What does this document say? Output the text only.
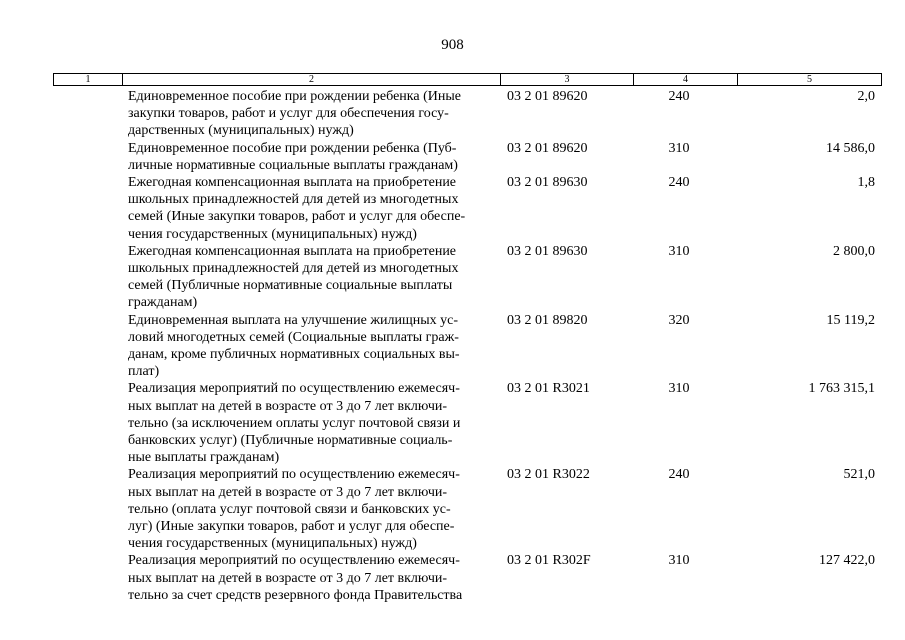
908
1	2	3	4	5
Единовременное пособие при рождении ребенка (Иные
закупки товаров, работ и услуг для обеспечения госу-
дарственных (муниципальных) нужд)
03 2 01 89620	240	2,0
Единовременное пособие при рождении ребенка (Пуб-
личные нормативные социальные выплаты гражданам)
03 2 01 89620	310	14 586,0
Ежегодная компенсационная выплата на приобретение
школьных принадлежностей для детей из многодетных
семей (Иные закупки товаров, работ и услуг для обеспе-
чения государственных (муниципальных) нужд)
03 2 01 89630	240	1,8
Ежегодная компенсационная выплата на приобретение
школьных принадлежностей для детей из многодетных
семей (Публичные нормативные социальные выплаты
гражданам)
03 2 01 89630	310	2 800,0
Единовременная выплата на улучшение жилищных ус-
ловий многодетных семей (Социальные выплаты граж-
данам, кроме публичных нормативных социальных вы-
плат)
03 2 01 89820	320	15 119,2
Реализация мероприятий по осуществлению ежемесяч-
ных выплат на детей в возрасте от 3 до 7 лет включи-
тельно (за исключением оплаты услуг почтовой связи и
банковских услуг) (Публичные нормативные социаль-
ные выплаты гражданам)
03 2 01 R3021	310	1 763 315,1
Реализация мероприятий по осуществлению ежемесяч-
ных выплат на детей в возрасте от 3 до 7 лет включи-
тельно (оплата услуг почтовой связи и банковских ус-
луг) (Иные закупки товаров, работ и услуг для обеспе-
чения государственных (муниципальных) нужд)
03 2 01 R3022	240	521,0
Реализация мероприятий по осуществлению ежемесяч-
ных выплат на детей в возрасте от 3 до 7 лет включи-
тельно за счет средств резервного фонда Правительства
03 2 01 R302F	310	127 422,0
